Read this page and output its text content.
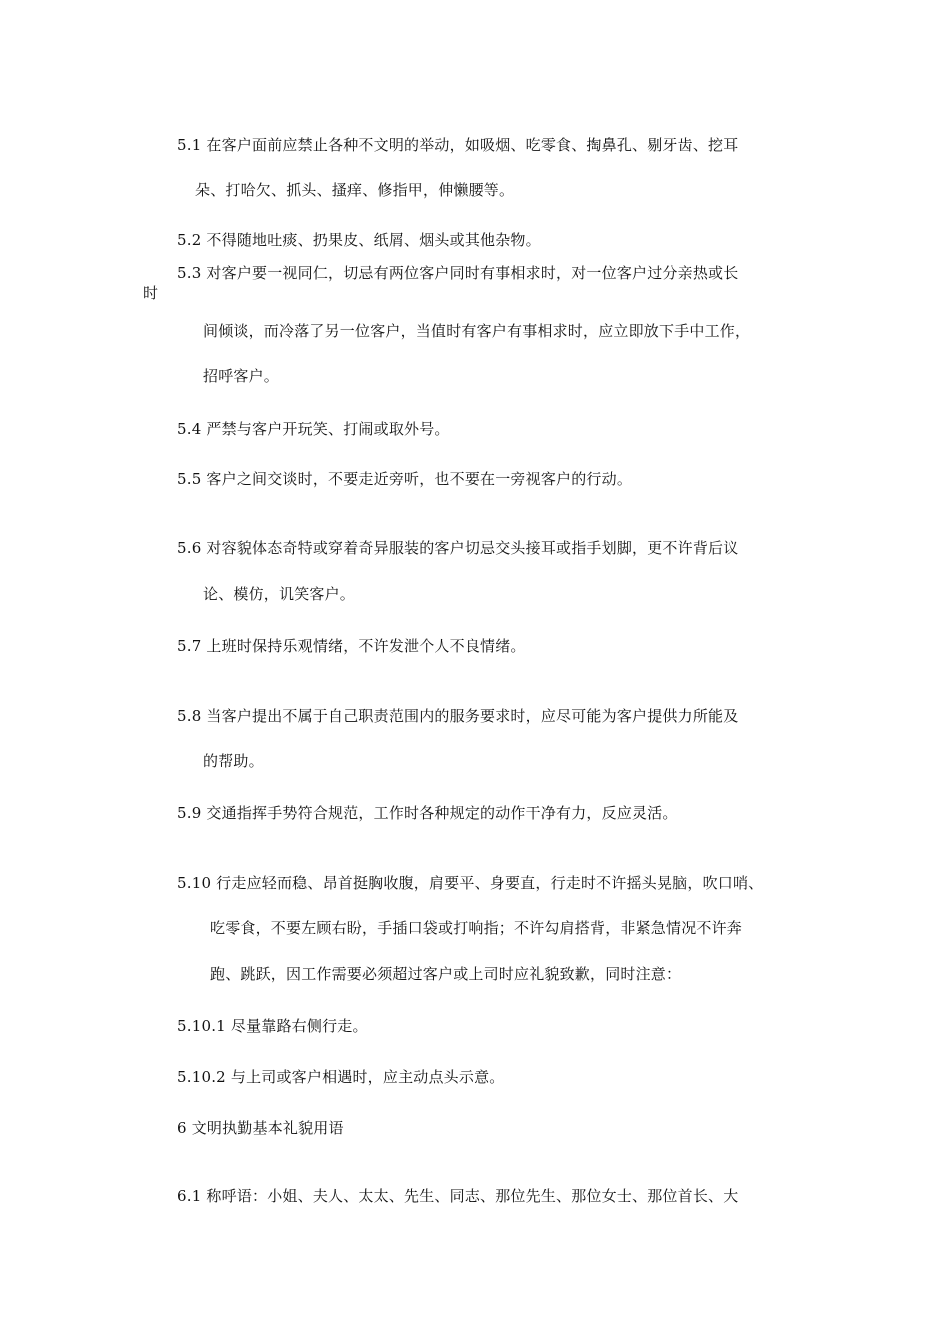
5.1 在客户面前应禁止各种不文明的举动，如吸烟、吃零食、掏鼻孔、剔牙齿、挖耳
朵、打哈欠、抓头、搔痒、修指甲，伸懒腰等。
5.2 不得随地吐痰、扔果皮、纸屑、烟头或其他杂物。
5.3 对客户要一视同仁，切忌有两位客户同时有事相求时，对一位客户过分亲热或长
时
间倾谈，而冷落了另一位客户，当值时有客户有事相求时，应立即放下手中工作，
招呼客户。
5.4 严禁与客户开玩笑、打闹或取外号。
5.5 客户之间交谈时，不要走近旁听，也不要在一旁视客户的行动。
5.6 对容貌体态奇特或穿着奇异服装的客户切忌交头接耳或指手划脚，更不许背后议
论、模仿，讥笑客户。
5.7 上班时保持乐观情绪，不许发泄个人不良情绪。
5.8 当客户提出不属于自己职责范围内的服务要求时，应尽可能为客户提供力所能及
的帮助。
5.9 交通指挥手势符合规范，工作时各种规定的动作干净有力，反应灵活。
5.10 行走应轻而稳、昂首挺胸收腹，肩要平、身要直，行走时不许摇头晃脑，吹口哨、
吃零食，不要左顾右盼，手插口袋或打响指；不许勾肩搭背，非紧急情况不许奔
跑、跳跃，因工作需要必须超过客户或上司时应礼貌致歉，同时注意：
5.10.1 尽量靠路右侧行走。
5.10.2 与上司或客户相遇时，应主动点头示意。
6 文明执勤基本礼貌用语
6.1 称呼语：小姐、夫人、太太、先生、同志、那位先生、那位女士、那位首长、大
